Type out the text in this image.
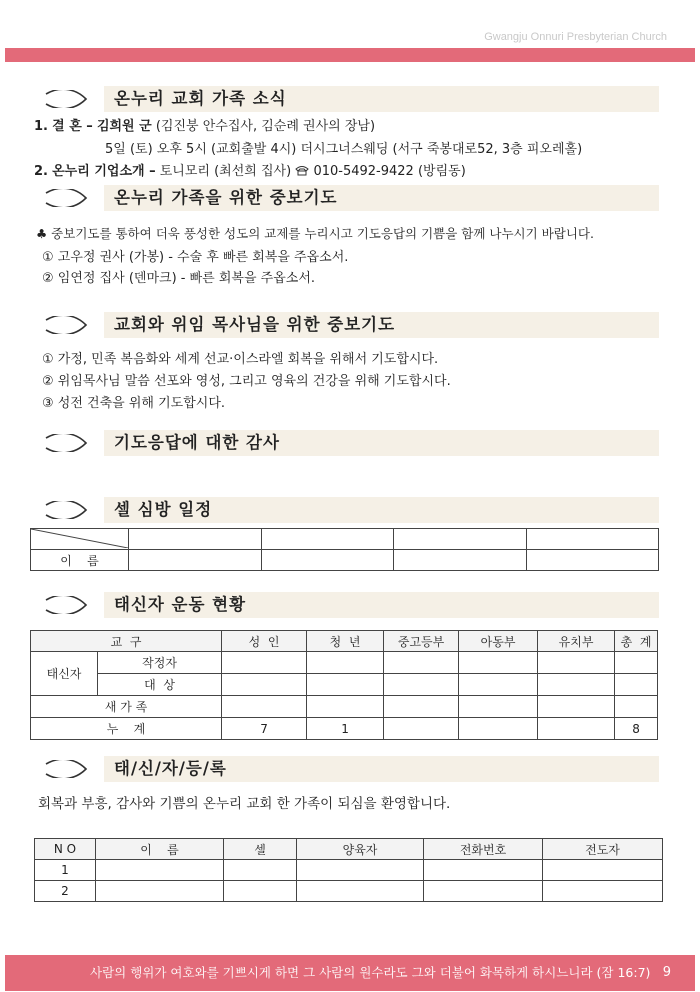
Gwangju Onnuri Presbyterian Church
온누리 교회 가족 소식
1. 결 혼 – 김희원 군 (김진붕 안수집사, 김순례 권사의 장남)
5일 (토) 오후 5시 (교회출발 4시) 더시그너스웨딩 (서구 죽봉대로52, 3층 피오레홀)
2. 온누리 기업소개 – 토니모리 (최선희 집사) 010-5492-9422 (방림동)
온누리 가족을 위한 중보기도
♣ 중보기도를 통하여 더욱 풍성한 성도의 교제를 누리시고 기도응답의 기쁨을 함께 나누시기 바랍니다.
① 고우정 권사 (가봉) - 수술 후 빠른 회복을 주옵소서.
② 임연정 집사 (덴마크) - 빠른 회복을 주옵소서.
교회와 위임 목사님을 위한 중보기도
① 가정, 민족 복음화와 세계 선교·이스라엘 회복을 위해서 기도합시다.
② 위임목사님 말씀 선포와 영성, 그리고 영육의 건강을 위해 기도합시다.
③ 성전 건축을 위해 기도합시다.
기도응답에 대한 감사
셀 심방 일정

이    름				
태신자 운동 현황
교  구		성  인	청  년	중고등부	아동부	유치부	총  계
태신자	작정자						
	대  상						
새 가 족							
누    계		7	1				8
태/신/자/등/록
회복과 부흥, 감사와 기쁨의 온누리 교회 한 가족이 되심을 환영합니다.
N O	이    름	셀	양육자	전화번호	전도자
1					
2					
사람의 행위가 여호와를 기쁘시게 하면 그 사람의 원수라도 그와 더불어 화목하게 하시느니라 (잠 16:7) 9
